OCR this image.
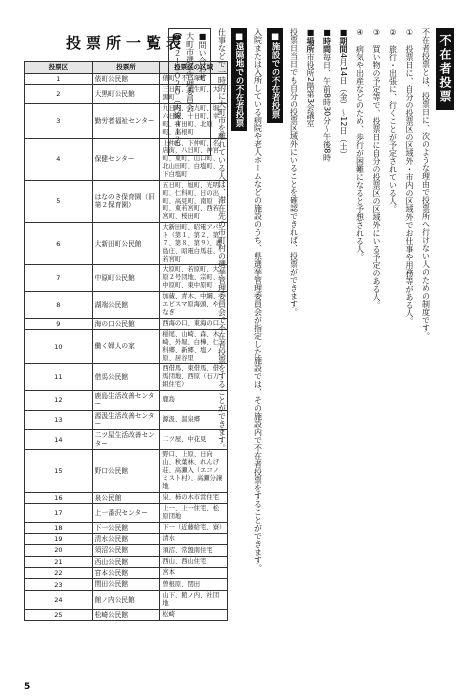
投票所一覧表
投票区	投票所	投票区の区域
1	俵町公民館	俵町、不二塚町
2	大黒町公民館	三日町、相生町、大黒町
3	勤労者福祉センター	九日町、六九町、堀六日町、十日町、幸町、宮田町、北原町、高根町
4	保健センター	上仲町、下仲町、名店街、八日町、神宮町、東町、山口町、北山田町、白塩町、下白塩町
5	はなのき保育園（旧第２保育園）	五日町、旭町、光明町、仁科町、日の出町、高見町、南原町、東若宮町、西若宮町、桜田町
6	大新田町公民館	大新田町、昭電アパート（第１、第２、第７、第８、第９）、鹿島庄、昭電白馬荘、若宮町
7	中原町公民館	大原町、若原町、大原２号団地、宗町、中原町、東中原町
8	湖端公民館	加蔵、青木、中綱、エビスマ原海頭、やなぎ
9	海の口公民館	西海の口、東海の口
10	働く婦人の家	稲尾、山崎、森、木崎、外堀、白樺、仁科郷、新郷、塩ノ原、居谷里
11	借馬公民館	西借馬、東借馬、借馬団地、西原（石刀組住宅）
12	鹿島生活改善センター	鹿島
13	源汲生活改善センター	源汲、温泉郷
14	二ツ屋生活改善センター	二ツ屋、中花見
15	野口公民館	野口、上原、日向山、秋葉林、れんげ荘、高瀬入（エコノミスト村）、高瀬分譲地
16	泉公民館	泉、柿の木市営住宅
17	上一番沢センター	上一、上一住宅、松原団地
18	下一公民館	下一（近藤給宅、寮）
19	清水公民館	清水
20	須沼公民館	須沼、常盤南住宅
21	西山公民館	西山、西山住宅
22	宮本公民館	宮本
23	閏田公民館	曽根原、閏田
24	館ノ内公民館	山下、館ノ内、社団地
25	松崎公民館	松崎
5
不在者投票

不在者投票とは、投票日に、次のような理由で投票所へ行けない人のための制度です。

①　投票日に、自分の投票区の区域外・市内の区域外でお仕事や用務等がある人。

②　旅行・出張に、行くことが予定されている人。

③　買い物の予定等で、投票日に自分の投票区の区域外にいる予定のある人。

④　病気や出産などのため、歩行が困難になると予想される人。

■期間4月14日（金）〜12日（土）

■時間毎日、午前8時30分〜午後8時

■場所市役所2階第3会議室

投票日当日でも自分の投票区域外にいることを確認できれば、投票ができます。

■施設での不在者投票

入院または入所している病院や老人ホームなどの施設のうち、県選挙管理委員会が指定した施設では、その施設内で不在者投票をすることができます。

■遠隔地での不在者投票

仕事などで一時的に大町市を離れている人は、滞在先の市町村の選挙管理委員会で不在者投票をすることができます。

■問い合わせ
大町市選挙管理委員会
☎２２−００２０（内線４１２）
